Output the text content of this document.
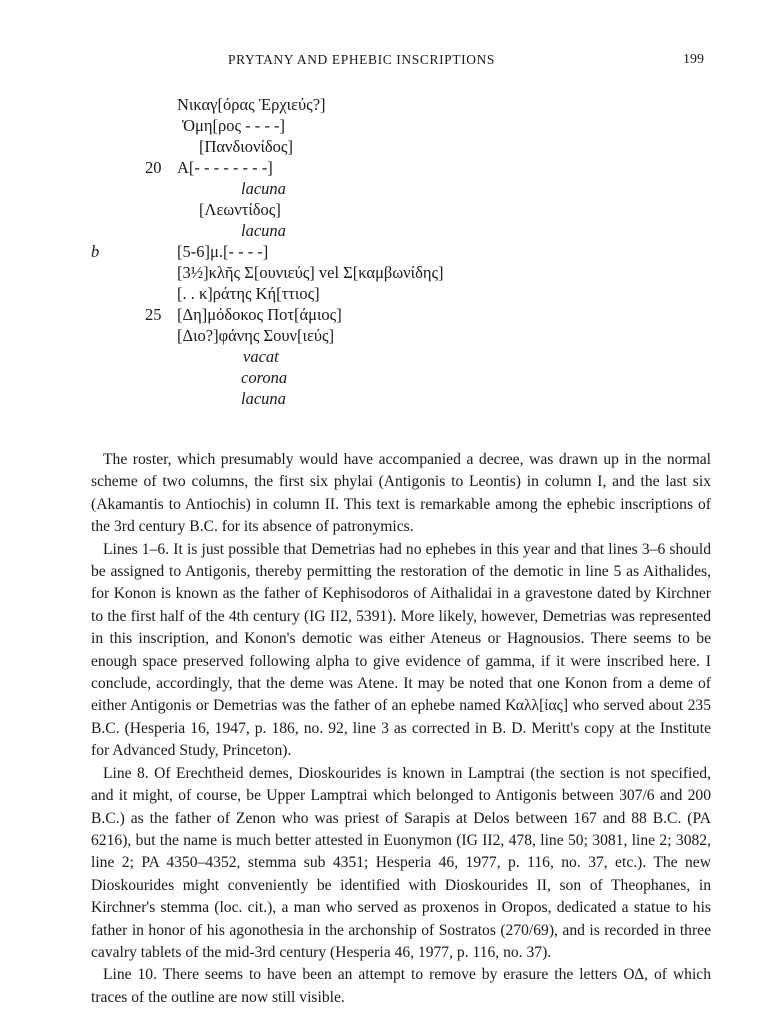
PRYTANY AND EPHEBIC INSCRIPTIONS	199
Νικαγ[όρας Ἐρχιεύς?]
Ὁμη[ρος - - - -]
[Πανδιονίδος]
20 Α[- - - - - - - -]
lacuna
[Λεωντίδος]
lacuna
b	[5-6]μ.[- - - -]
[3½]κλῆς Σ[ουνιεύς] vel Σ[καμβωνίδης]
[. . κ]ράτης Κή[ττιος]
25 [Δη]μόδοκος Ποτ[άμιος]
[Διο?]φάνης Σουν[ιεύς]
vacat
corona
lacuna

The roster, which presumably would have accompanied a decree, was drawn up in the normal scheme of two columns, the first six phylai (Antigonis to Leontis) in column I, and the last six (Akamantis to Antiochis) in column II. This text is remarkable among the ephebic inscriptions of the 3rd century B.C. for its absence of patronymics.

Lines 1–6. It is just possible that Demetrias had no ephebes in this year and that lines 3–6 should be assigned to Antigonis, thereby permitting the restoration of the demotic in line 5 as Aithalides, for Konon is known as the father of Kephisodoros of Aithalidai in a gravestone dated by Kirchner to the first half of the 4th century (IG II2, 5391). More likely, however, Demetrias was represented in this inscription, and Konon's demotic was either Ateneus or Hagnousios. There seems to be enough space preserved following alpha to give evidence of gamma, if it were inscribed here. I conclude, accordingly, that the deme was Atene. It may be noted that one Konon from a deme of either Antigonis or Demetrias was the father of an ephebe named Καλλ[ίας] who served about 235 B.C. (Hesperia 16, 1947, p. 186, no. 92, line 3 as corrected in B. D. Meritt's copy at the Institute for Advanced Study, Princeton).

Line 8. Of Erechtheid demes, Dioskourides is known in Lamptrai (the section is not specified, and it might, of course, be Upper Lamptrai which belonged to Antigonis between 307/6 and 200 B.C.) as the father of Zenon who was priest of Sarapis at Delos between 167 and 88 B.C. (PA 6216), but the name is much better attested in Euonymon (IG II2, 478, line 50; 3081, line 2; 3082, line 2; PA 4350–4352, stemma sub 4351; Hesperia 46, 1977, p. 116, no. 37, etc.). The new Dioskourides might conveniently be identified with Dioskourides II, son of Theophanes, in Kirchner's stemma (loc. cit.), a man who served as proxenos in Oropos, dedicated a statue to his father in honor of his agonothesia in the archonship of Sostratos (270/69), and is recorded in three cavalry tablets of the mid-3rd century (Hesperia 46, 1977, p. 116, no. 37).

Line 10. There seems to have been an attempt to remove by erasure the letters ΟΔ, of which traces of the outline are now still visible.
